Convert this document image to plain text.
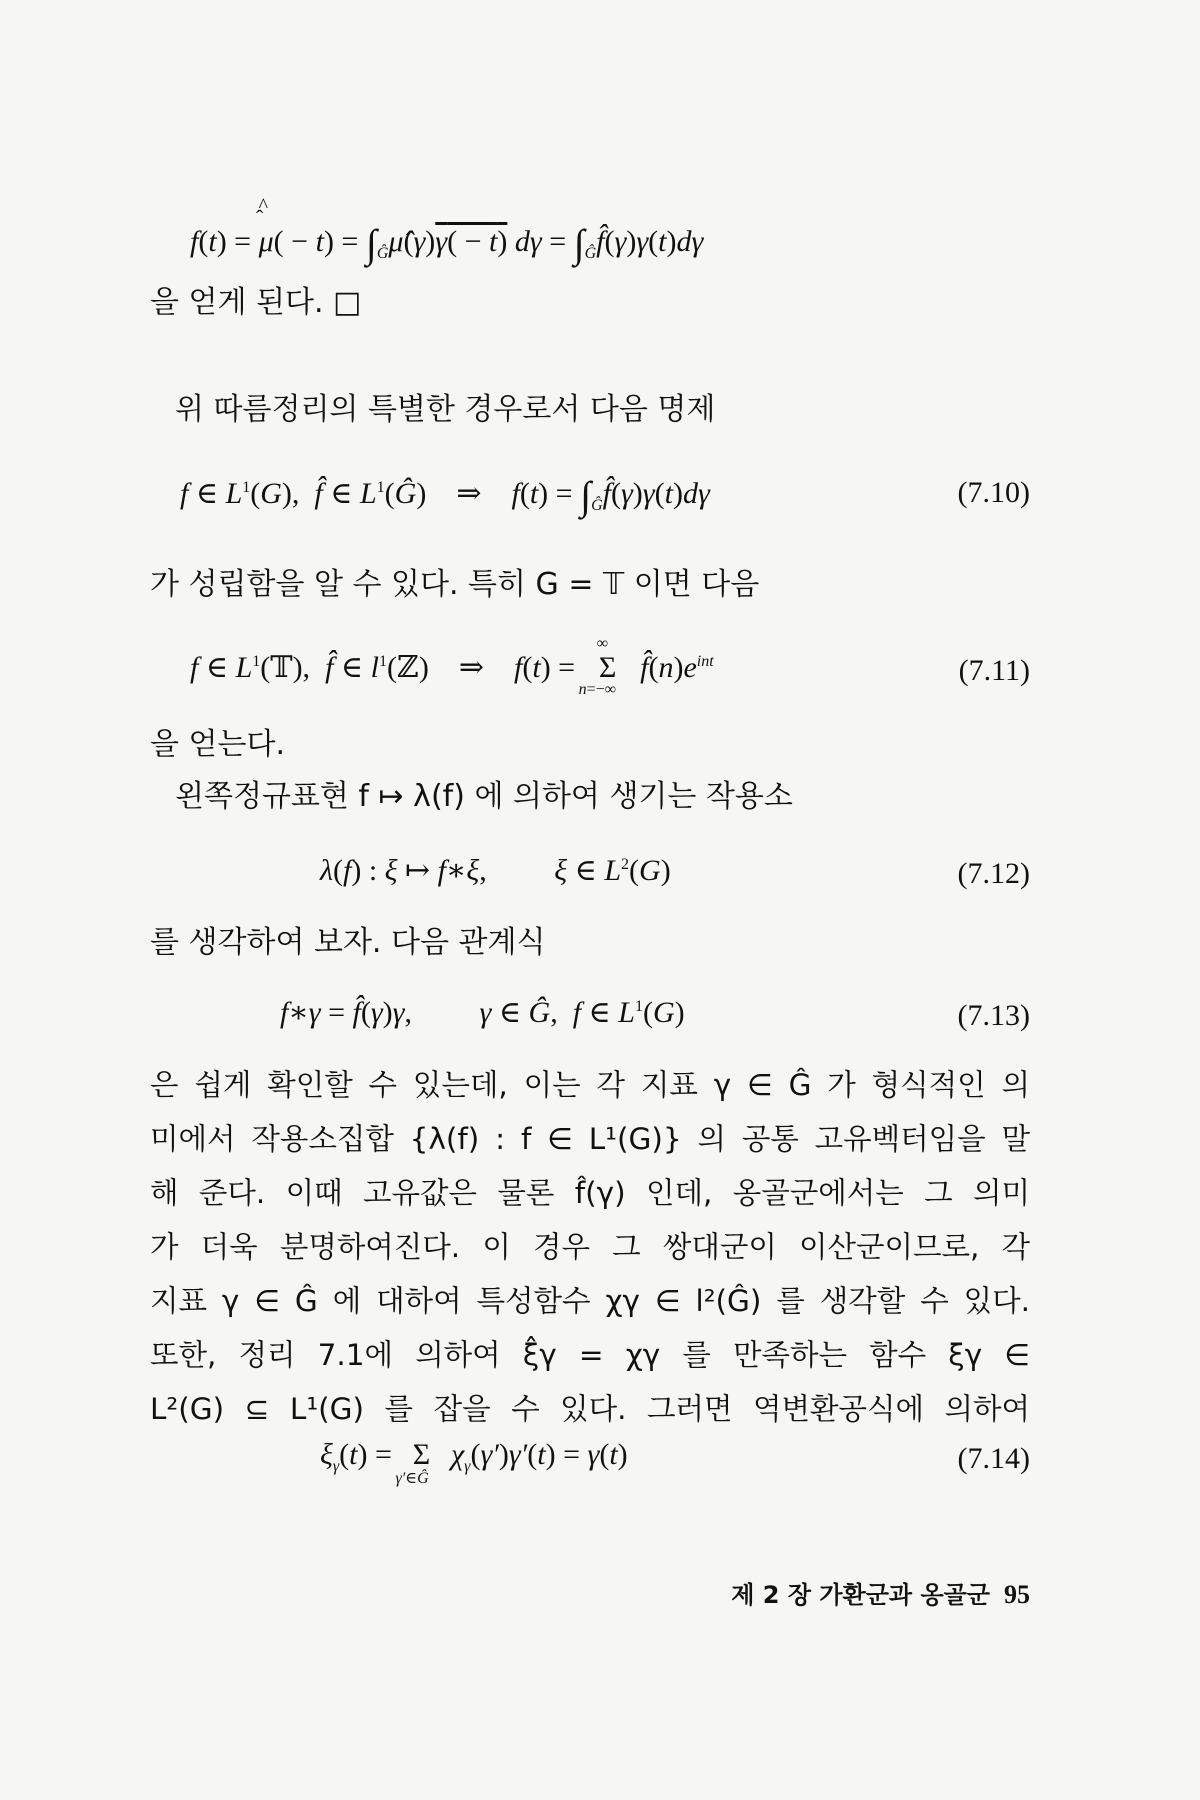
f(t) = μ
^
( − $t) = \int_Ĝ\mû(\gamma)\gamma( - t) d\gamma$ = $\int_Ĝf̂(\gamma)\gamma(t)d\gamma$
을 얻게 된다. □
위 따름정리의 특별한 경우로서 다음 명제
f ∈ $L^1(G)$,  f̂ ∈ $L^1(Ĝ)$    ⇒    $f(t) = \int_Ĝf̂(\gamma)\gamma(t)d\gamma$	(7.10)
가 성립함을 알 수 있다. 특히 G = 𝕋 이면 다음
f ∈ $L^1(𝕋)$,  f̂ ∈ $l^1(ℤ)$    ⇒    f(t) =
∞
Σ
n=−∞
$f̂(n)e^{int}$	(7.11)
을 얻는다.
왼쪽정규표현 f ↦ λ(f) 에 의하여 생기는 작용소
λ(f) : ξ ↦ f∗ξ,         ξ ∈ $L^2(G)$	(7.12)
를 생각하여 보자. 다음 관계식
f∗γ = f̂(γ)γ,         γ ∈ Ĝ,  f ∈ $L^1(G)$	(7.13)
은 쉽게 확인할 수 있는데, 이는 각 지표 γ ∈ Ĝ 가 형식적인 의
미에서 작용소집합 {λ(f) : f ∈ L¹(G)} 의 공통 고유벡터임을 말
해 준다. 이때 고유값은 물론 f̂(γ) 인데, 옹골군에서는 그 의미
가 더욱 분명하여진다. 이 경우 그 쌍대군이 이산군이므로, 각
지표 γ ∈ Ĝ 에 대하여 특성함수 χγ ∈ l²(Ĝ) 를 생각할 수 있다.
또한, 정리 7.1에 의하여 ξ̂γ = χγ 를 만족하는 함수 ξγ ∈
L²(G) ⊆ L¹(G) 를 잡을 수 있다. 그러면 역변환공식에 의하여
$\xi_\gamma(t) = \Sigma$
γ′∈Ĝ
$\chi_\gamma(\gamma')\gamma'(t) = \gamma(t)$	(7.14)
제 2 장 가환군과 옹골군 95
